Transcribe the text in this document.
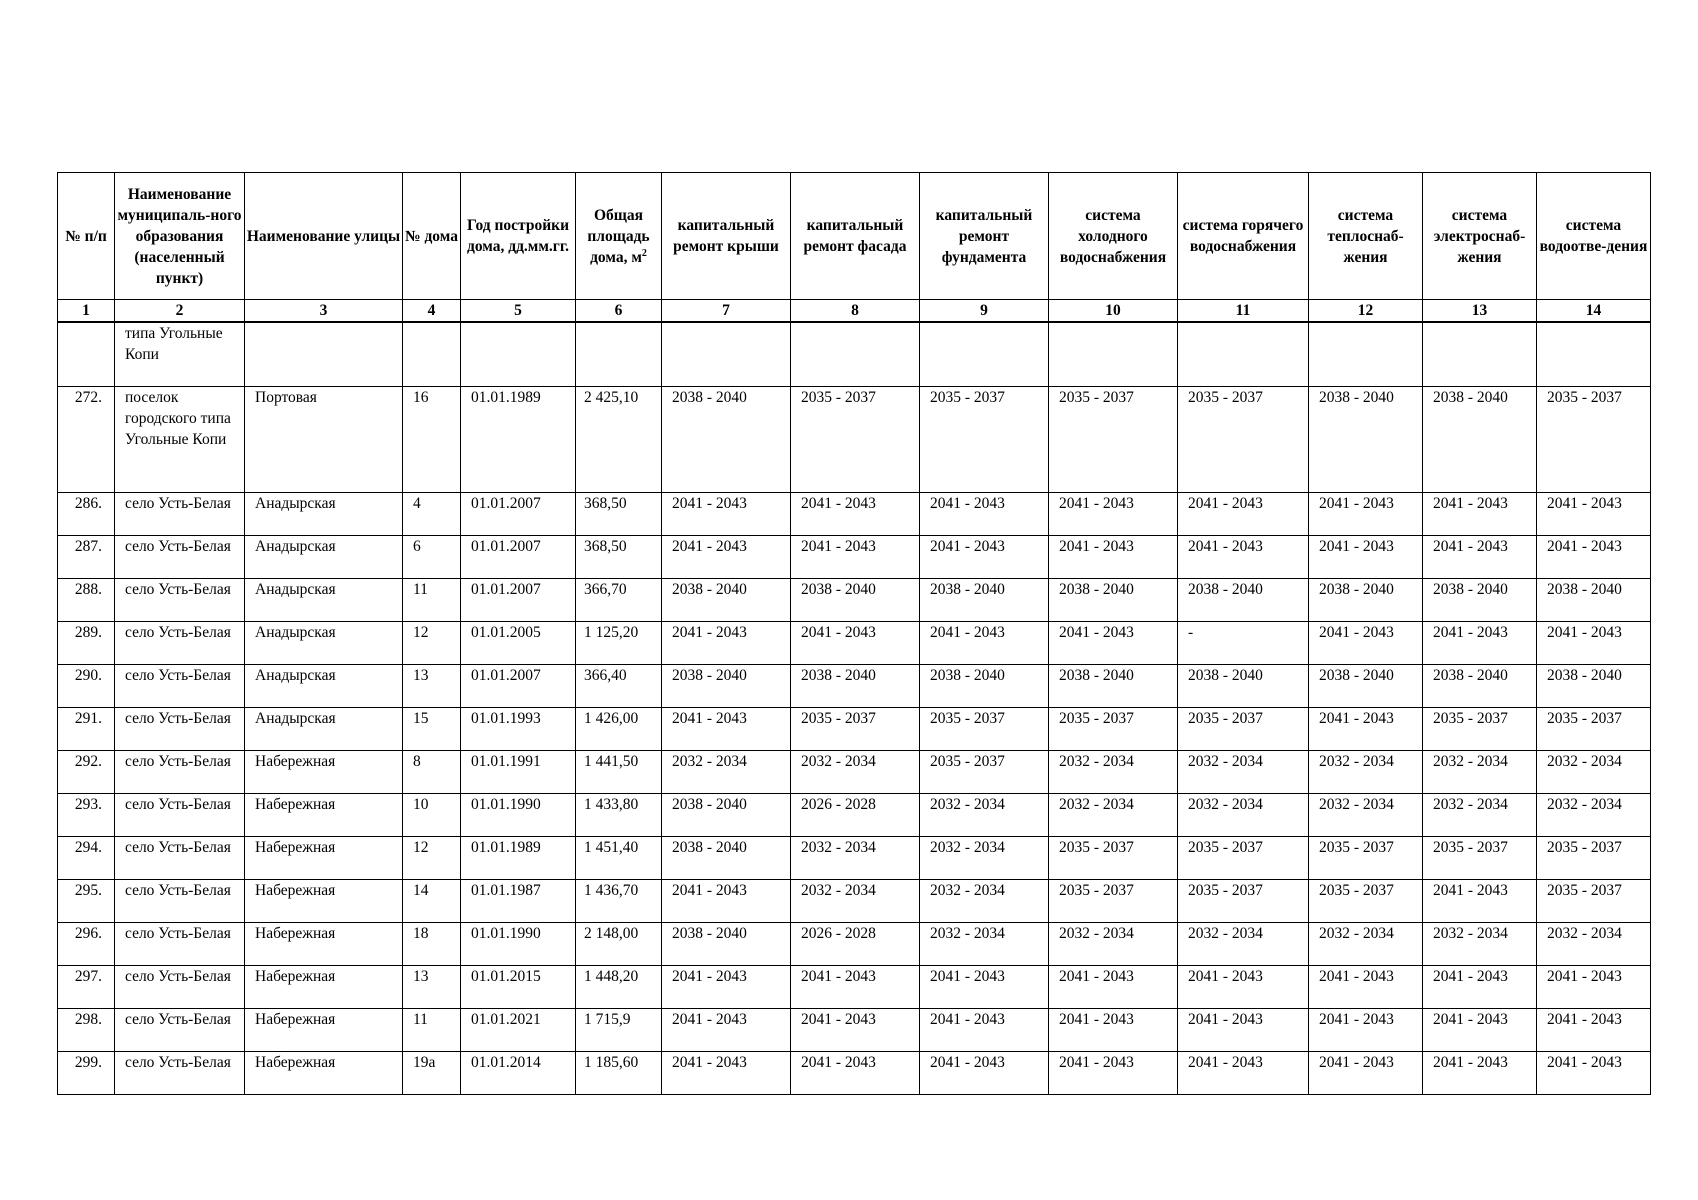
№ п/п	Наименование муниципаль-ного образования (населенный пункт)	Наименование улицы	№ дома	Год постройки дома, дд.мм.гг.	Общая площадь дома, $м^2$	капитальный ремонт крыши	капитальный ремонт фасада	капитальный ремонт фундамента	система холодного водоснабжения	система горячего водоснабжения	система теплоснаб-жения	система электроснаб-жения	система водоотве-дения
1	2	3	4	5	6	7	8	9	10	11	12	13	14
	типа Угольные Копи												
272.	поселок городского типа Угольные Копи	Портовая	16	01.01.1989	2 425,10	2038 - 2040	2035 - 2037	2035 - 2037	2035 - 2037	2035 - 2037	2038 - 2040	2038 - 2040	2035 - 2037
286.	село Усть-Белая	Анадырская	4	01.01.2007	368,50	2041 - 2043	2041 - 2043	2041 - 2043	2041 - 2043	2041 - 2043	2041 - 2043	2041 - 2043	2041 - 2043
287.	село Усть-Белая	Анадырская	6	01.01.2007	368,50	2041 - 2043	2041 - 2043	2041 - 2043	2041 - 2043	2041 - 2043	2041 - 2043	2041 - 2043	2041 - 2043
288.	село Усть-Белая	Анадырская	11	01.01.2007	366,70	2038 - 2040	2038 - 2040	2038 - 2040	2038 - 2040	2038 - 2040	2038 - 2040	2038 - 2040	2038 - 2040
289.	село Усть-Белая	Анадырская	12	01.01.2005	1 125,20	2041 - 2043	2041 - 2043	2041 - 2043	2041 - 2043	-	2041 - 2043	2041 - 2043	2041 - 2043
290.	село Усть-Белая	Анадырская	13	01.01.2007	366,40	2038 - 2040	2038 - 2040	2038 - 2040	2038 - 2040	2038 - 2040	2038 - 2040	2038 - 2040	2038 - 2040
291.	село Усть-Белая	Анадырская	15	01.01.1993	1 426,00	2041 - 2043	2035 - 2037	2035 - 2037	2035 - 2037	2035 - 2037	2041 - 2043	2035 - 2037	2035 - 2037
292.	село Усть-Белая	Набережная	8	01.01.1991	1 441,50	2032 - 2034	2032 - 2034	2035 - 2037	2032 - 2034	2032 - 2034	2032 - 2034	2032 - 2034	2032 - 2034
293.	село Усть-Белая	Набережная	10	01.01.1990	1 433,80	2038 - 2040	2026 - 2028	2032 - 2034	2032 - 2034	2032 - 2034	2032 - 2034	2032 - 2034	2032 - 2034
294.	село Усть-Белая	Набережная	12	01.01.1989	1 451,40	2038 - 2040	2032 - 2034	2032 - 2034	2035 - 2037	2035 - 2037	2035 - 2037	2035 - 2037	2035 - 2037
295.	село Усть-Белая	Набережная	14	01.01.1987	1 436,70	2041 - 2043	2032 - 2034	2032 - 2034	2035 - 2037	2035 - 2037	2035 - 2037	2041 - 2043	2035 - 2037
296.	село Усть-Белая	Набережная	18	01.01.1990	2 148,00	2038 - 2040	2026 - 2028	2032 - 2034	2032 - 2034	2032 - 2034	2032 - 2034	2032 - 2034	2032 - 2034
297.	село Усть-Белая	Набережная	13	01.01.2015	1 448,20	2041 - 2043	2041 - 2043	2041 - 2043	2041 - 2043	2041 - 2043	2041 - 2043	2041 - 2043	2041 - 2043
298.	село Усть-Белая	Набережная	11	01.01.2021	1 715,9	2041 - 2043	2041 - 2043	2041 - 2043	2041 - 2043	2041 - 2043	2041 - 2043	2041 - 2043	2041 - 2043
299.	село Усть-Белая	Набережная	19а	01.01.2014	1 185,60	2041 - 2043	2041 - 2043	2041 - 2043	2041 - 2043	2041 - 2043	2041 - 2043	2041 - 2043	2041 - 2043
